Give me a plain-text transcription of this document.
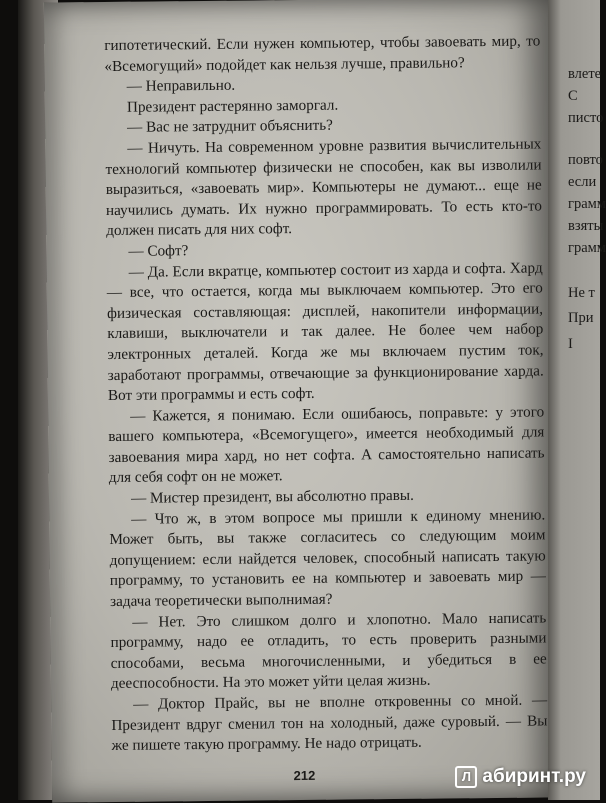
гипотетический. Если нужен компьютер, чтобы завоевать мир, то «Всемогущий» подойдет как нельзя лучше, правильно?

— Неправильно.

Президент растерянно заморгал.

— Вас не затруднит объяснить?

— Ничуть. На современном уровне развития вычислительных технологий компьютер физически не способен, как вы изволили выразиться, «завоевать мир». Компьютеры не думают... еще не научились думать. Их нужно программировать. То есть кто-то должен писать для них софт.

— Софт?

— Да. Если вкратце, компьютер состоит из харда и софта. Хард — все, что остается, когда мы выключаем компьютер. Это его физическая составляющая: дисплей, накопители информации, клавиши, выключатели и так далее. Не более чем набор электронных деталей. Когда же мы включаем пустим ток, заработают программы, отвечающие за функционирование харда. Вот эти программы и есть софт.

— Кажется, я понимаю. Если ошибаюсь, поправьте: у этого вашего компьютера, «Всемогущего», имеется необходимый для завоевания мира хард, но нет софта. А самостоятельно написать для себя софт он не может.

— Мистер президент, вы абсолютно правы.

— Что ж, в этом вопросе мы пришли к единому мнению. Может быть, вы также согласитесь со следующим моим допущением: если найдется человек, способный написать такую программу, то установить ее на компьютер и завоевать мир — задача теоретически выполнимая?

— Нет. Это слишком долго и хлопотно. Мало написать программу, надо ее отладить, то есть проверить разными способами, весьма многочисленными, и убедиться в ее дееспособности. На это может уйти целая жизнь.

— Доктор Прайс, вы не вполне откровенны со мной. — Президент вдруг сменил тон на холодный, даже суровый. — Вы же пишете такую программу. Не надо отрицать.

212
влете
С
писто
повто
если
грамм
взяты
грамм
Не т
При
I
Л абиринт.ру
